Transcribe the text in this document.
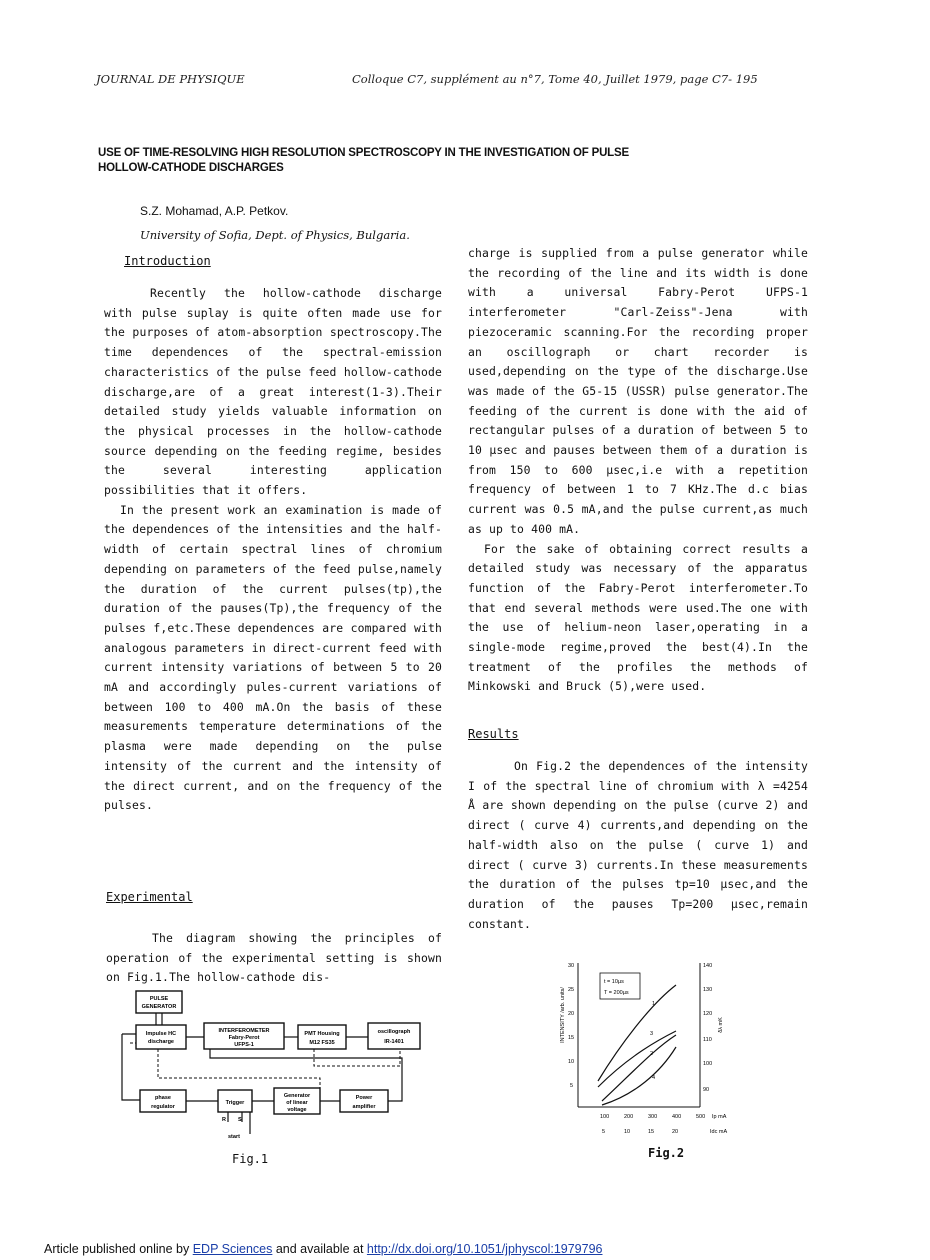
JOURNAL DE PHYSIQUE	Colloque C7, supplément au n°7, Tome 40, Juillet 1979, page C7- 195
USE OF TIME-RESOLVING HIGH RESOLUTION SPECTROSCOPY IN THE INVESTIGATION OF PULSE HOLLOW-CATHODE DISCHARGES
S.Z. Mohamad, A.P. Petkov.
University of Sofia, Dept. of Physics, Bulgaria.
Introduction

Recently the hollow-cathode discharge with pulse suplay is quite often made use for the purposes of atom-absorption spectroscopy.The time dependences of the spectral-emission characteristics of the pulse feed hollow-cathode discharge,are of a great interest(1-3).Their detailed study yields valuable information on the physical processes in the hollow-cathode source depending on the feeding regime, besides the several interesting application possibilities that it offers.

In the present work an examination is made of the dependences of the intensities and the half-width of certain spectral lines of chromium depending on parameters of the feed pulse,namely the duration of the current pulses(tp),the duration of the pauses(Tp),the frequency of the pulses f,etc.These dependences are compared with analogous parameters in direct-current feed with current intensity variations of between 5 to 20 mA and accordingly pules-current variations of between 100 to 400 mA.On the basis of these measurements temperature determinations of the plasma were made depending on the pulse intensity of the current and the intensity of the direct current, and on the frequency of the pulses.

Experimental

The diagram showing the principles of operation of the experimental setting is shown on Fig.1.The hollow-cathode dis-

charge is supplied from a pulse generator while the recording of the line and its width is done with a universal Fabry-Perot UFPS-1 interferometer "Carl-Zeiss"-Jena with piezoceramic scanning.For the recording proper an oscillograph or chart recorder is used,depending on the type of the discharge.Use was made of the G5-15 (USSR) pulse generator.The feeding of the current is done with the aid of rectangular pulses of a duration of between 5 to 10 µsec and pauses between them of a duration is from 150 to 600 µsec,i.e with a repetition frequency of between 1 to 7 KHz.The d.c bias current was 0.5 mA,and the pulse current,as much as up to 400 mA.

For the sake of obtaining correct results a detailed study was necessary of the apparatus function of the Fabry-Perot interferometer.To that end several methods were used.The one with the use of helium-neon laser,operating in a single-mode regime,proved the best(4).In the treatment of the profiles the methods of Minkowski and Bruck (5),were used.

Results

On Fig.2 the dependences of the intensity I of the spectral line of chromium with λ =4254 Å are shown depending on the pulse (curve 2) and direct ( curve 4) currents,and depending on the half-width also on the pulse ( curve 1) and direct ( curve 3) currents.In these measurements the duration of the pulses tp=10 µsec,and the duration of the pauses Tp=200 µsec,remain constant.

PULSE
GENERATOR
Impulse HC
discharge
INTERFEROMETER
Fabry-Perot
UFPS-1
PMT Housing
M12 FS35
oscillograph
IR-1401
phase
regulator
Trigger
Generator
of linear
voltage
Power
amplifier
R S
start
Fig.1
INTENSITY /arb. units/	δλ mK
5
10
15
20
25
30
90
100
110
120
130
140
100	200	300	400	500 Ip mA
5	10	15	20	Idc mA
t = 10µs
T = 200µs
1
2
3
4
Fig.2
Article published online by EDP Sciences and available at http://dx.doi.org/10.1051/jphyscol:1979796
